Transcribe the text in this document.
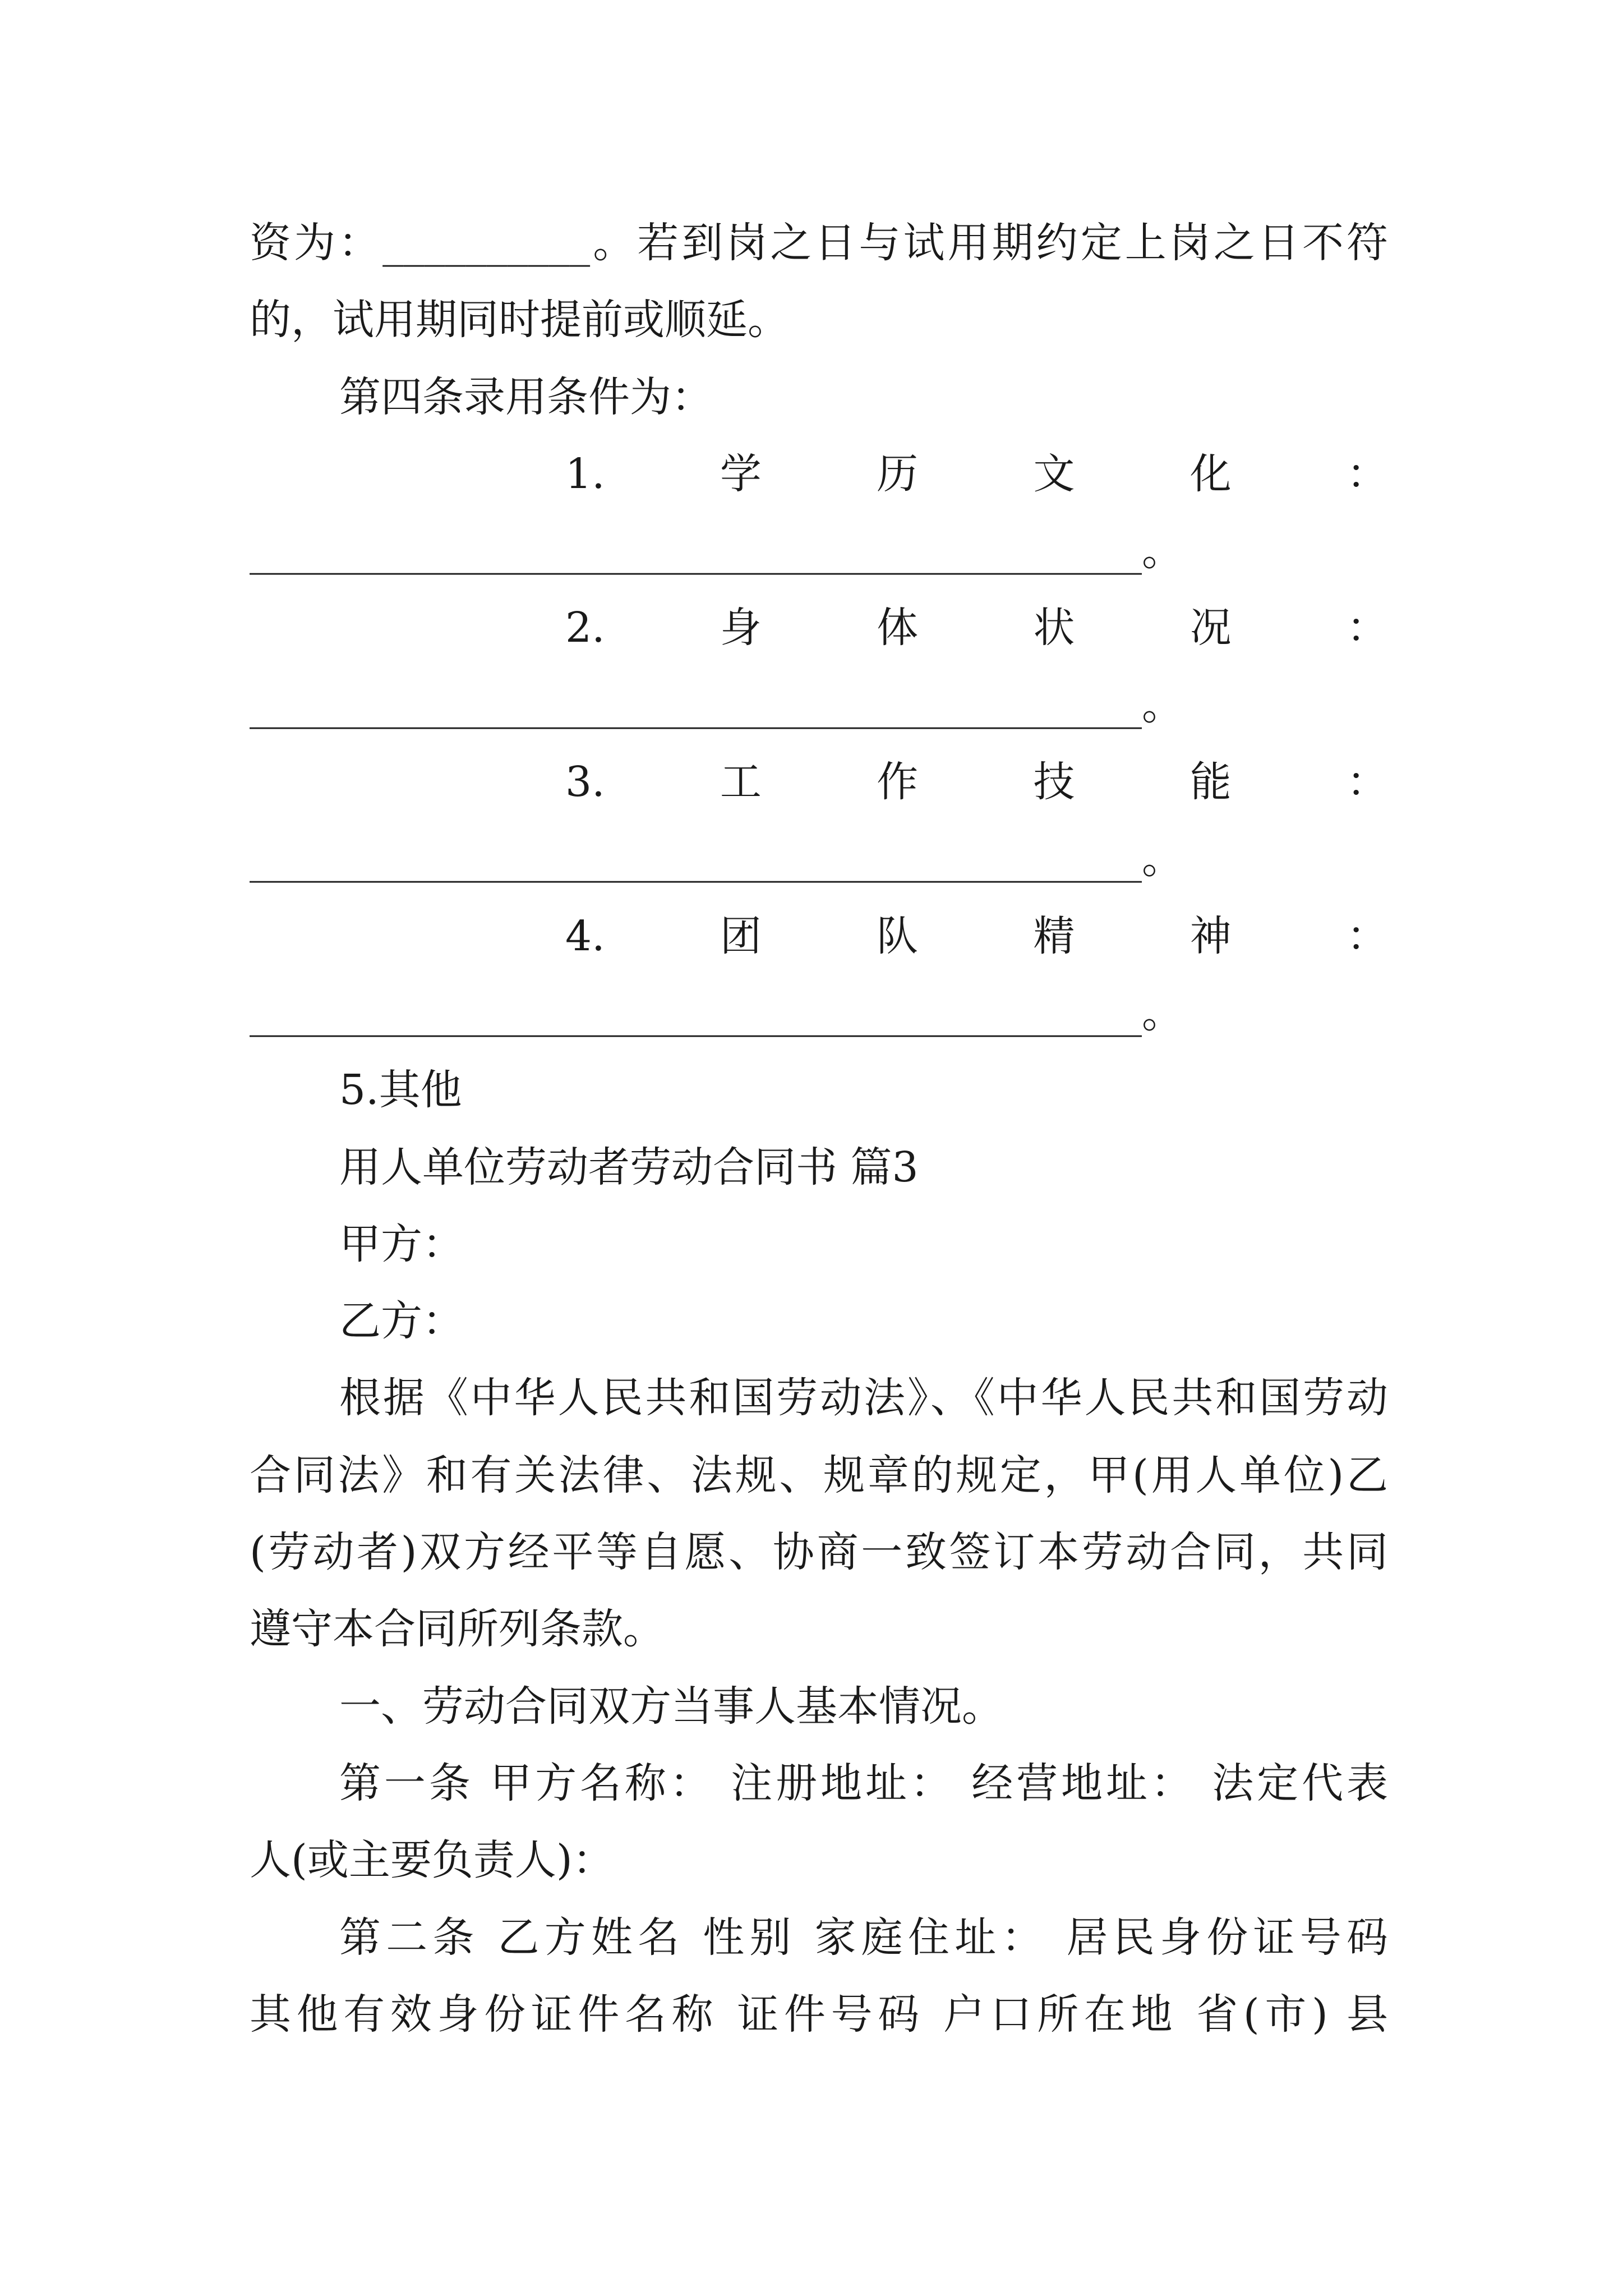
资为：__________。若到岗之日与试用期约定上岗之日不符
的，试用期同时提前或顺延。
第四条录用条件为：
1.学历文化：
___________________________________________。
2.身体状况：
___________________________________________。
3.工作技能：
___________________________________________。
4.团队精神：
___________________________________________。
5.其他
用人单位劳动者劳动合同书 篇3
甲方：
乙方：
根据《中华人民共和国劳动法》、《中华人民共和国劳动
合同法》和有关法律、法规、规章的规定，甲(用人单位)乙
(劳动者)双方经平等自愿、协商一致签订本劳动合同，共同
遵守本合同所列条款。
一、劳动合同双方当事人基本情况。
第一条 甲方名称： 注册地址： 经营地址： 法定代表
人(或主要负责人)：
第二条 乙方姓名 性别 家庭住址： 居民身份证号码
其他有效身份证件名称 证件号码 户口所在地 省(市) 县
